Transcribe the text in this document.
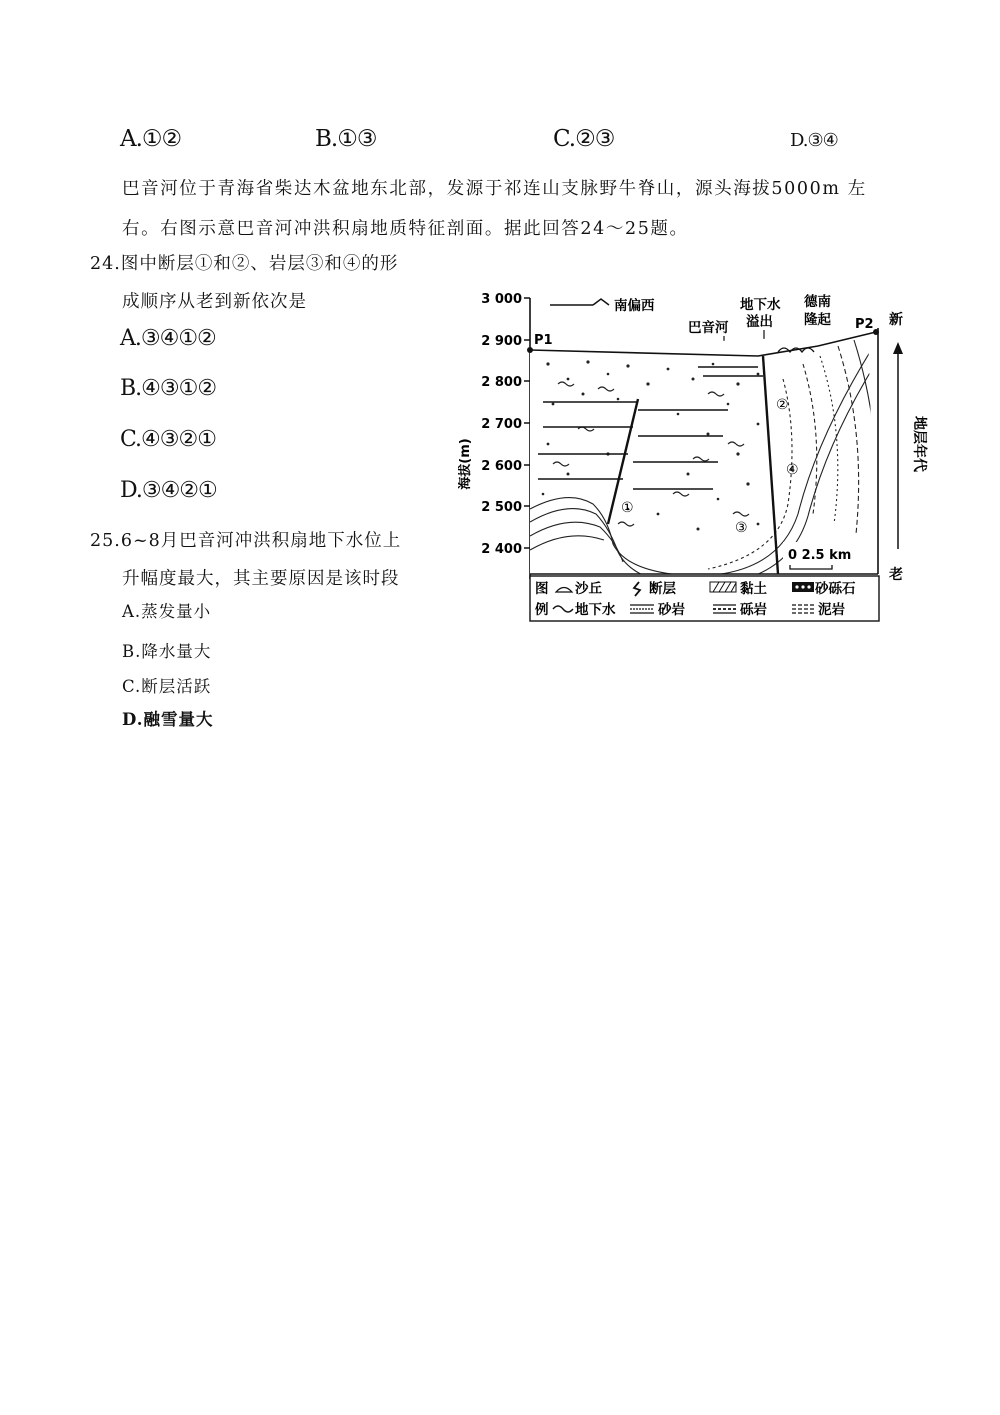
A.①②	B.①③	C.②③	D.③④
巴音河位于青海省柴达木盆地东北部，发源于祁连山支脉野牛脊山，源头海拔5000m 左
右。右图示意巴音河冲洪积扇地质特征剖面。据此回答24～25题。
24.图中断层①和②、岩层③和④的形
成顺序从老到新依次是
A.③④①②
B.④③①②
C.④③②①
D.③④②①
25.6~8月巴音河冲洪积扇地下水位上
升幅度最大，其主要原因是该时段
A.蒸发量小
B.降水量大
C.断层活跃
D.融雪量大
3 000
2 900
2 800
2 700
2 600
2 500
2 400
海拔(m)
南偏西	地下水
溢出
巴音河
德南
隆起 P2
P1
①
②
③
④
0 2.5 km
新
地层年代
老
图
例
沙丘	断层	黏土	砂砾石
地下水	砂岩	砾岩	泥岩
